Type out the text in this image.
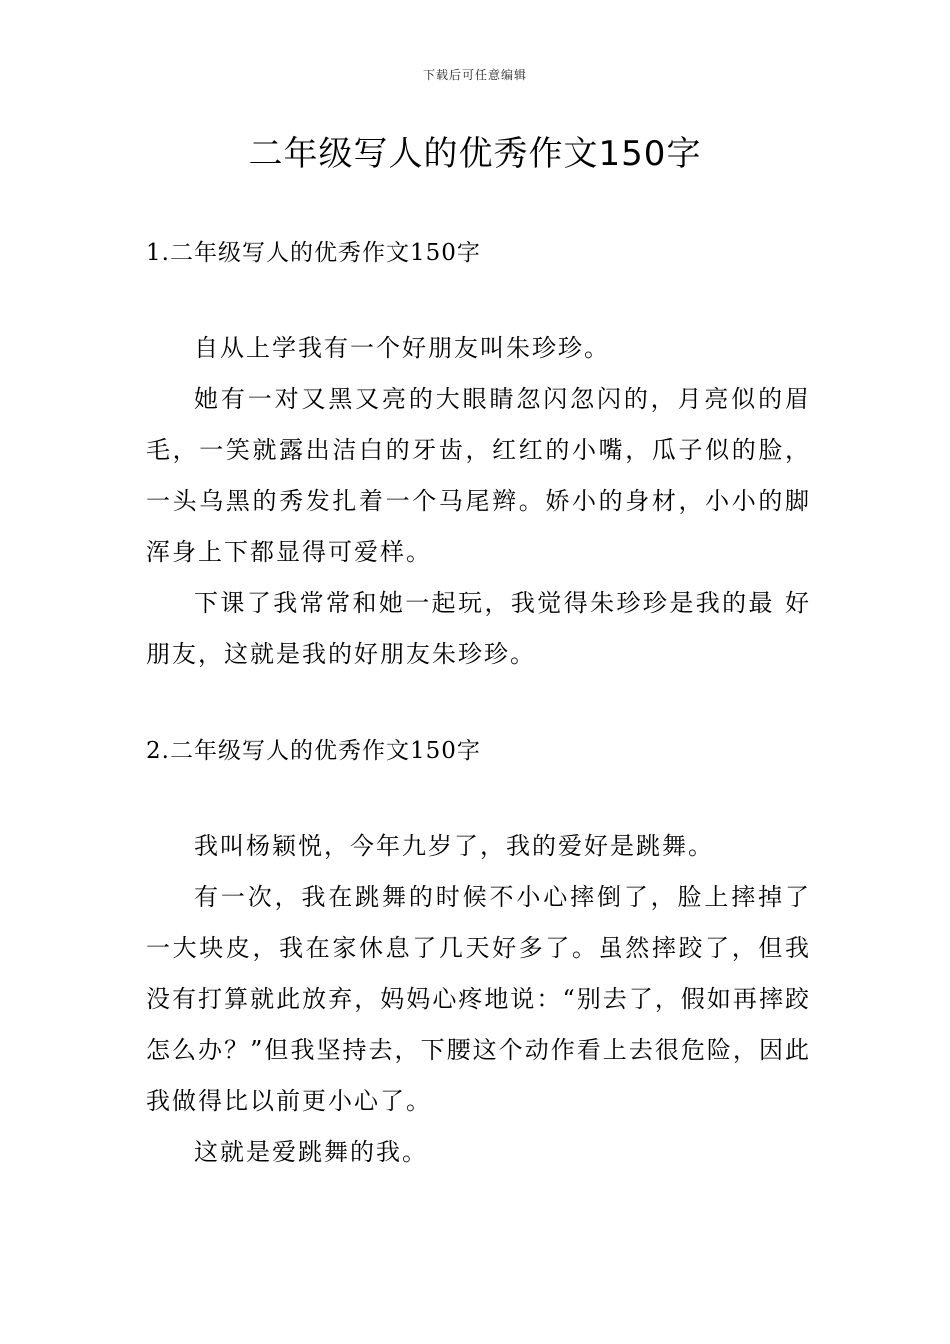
下载后可任意编辑
二年级写人的优秀作文150字
1.二年级写人的优秀作文150字

自从上学我有一个好朋友叫朱珍珍。

她有一对又黑又亮的大眼睛忽闪忽闪的，月亮似的眉毛，一笑就露出洁白的牙齿，红红的小嘴，瓜子似的脸，一头乌黑的秀发扎着一个马尾辫。娇小的身材，小小的脚浑身上下都显得可爱样。

下课了我常常和她一起玩，我觉得朱珍珍是我的最 好朋友，这就是我的好朋友朱珍珍。

2.二年级写人的优秀作文150字

我叫杨颖悦，今年九岁了，我的爱好是跳舞。

有一次，我在跳舞的时候不小心摔倒了，脸上摔掉了一大块皮，我在家休息了几天好多了。虽然摔跤了，但我没有打算就此放弃，妈妈心疼地说：“别去了，假如再摔跤怎么办？”但我坚持去，下腰这个动作看上去很危险，因此我做得比以前更小心了。

这就是爱跳舞的我。
